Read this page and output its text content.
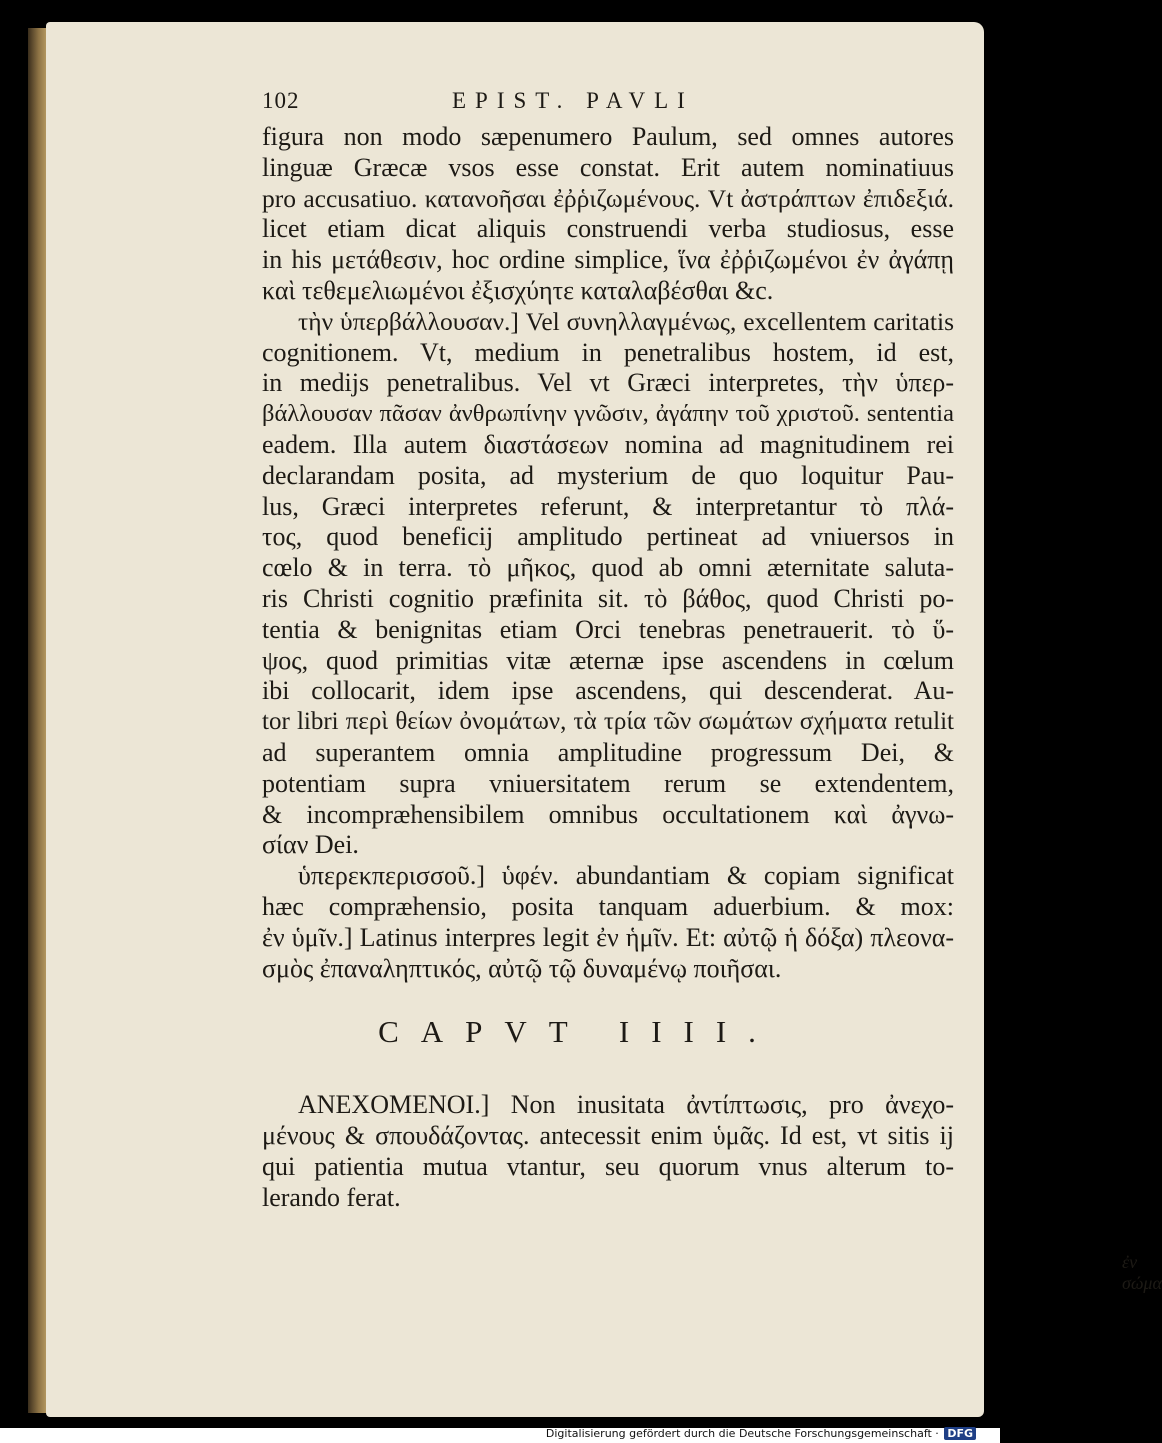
102	EPIST. PAVLI
figura non modo sæpenumero Paulum, sed omnes autores
linguæ Græcæ vsos esse constat. Erit autem nominatiuus
pro accusatiuo. κατανοῆσαι ἐῤῥιζωμένους. Vt ἀστράπτων ἐπιδεξιά.
licet etiam dicat aliquis construendi verba studiosus, esse
in his μετάθεσιν, hoc ordine simplice, ἵνα ἐῤῥιζωμένοι ἐν ἀγάπῃ
καὶ τεθεμελιωμένοι ἐξισχύητε καταλαβέσθαι &c.
τὴν ὑπερβάλλουσαν.] Vel συνηλλαγμένως, excellentem caritatis
cognitionem. Vt, medium in penetralibus hostem, id est,
in medijs penetralibus. Vel vt Græci interpretes, τὴν ὑπερ-
βάλλουσαν πᾶσαν ἀνθρωπίνην γνῶσιν, ἀγάπην τοῦ χριστοῦ. sententia
eadem. Illa autem διαστάσεων nomina ad magnitudinem rei
declarandam posita, ad mysterium de quo loquitur Pau-
lus, Græci interpretes referunt, & interpretantur τὸ πλά-
τος, quod beneficij amplitudo pertineat ad vniuersos in
cœlo & in terra. τὸ μῆκος, quod ab omni æternitate saluta-
ris Christi cognitio præfinita sit. τὸ βάθος, quod Christi po-
tentia & benignitas etiam Orci tenebras penetrauerit. τὸ ὕ-
ψος, quod primitias vitæ æternæ ipse ascendens in cœlum
ibi collocarit, idem ipse ascendens, qui descenderat. Au-
tor libri περὶ θείων ὀνομάτων, τὰ τρία τῶν σωμάτων σχήματα retulit
ad superantem omnia amplitudine progressum Dei, &
potentiam supra vniuersitatem rerum se extendentem,
& incompræhensibilem omnibus occultationem καὶ ἀγνω-
σίαν Dei.
ὑπερεκπερισσοῦ.] ὑφέν. abundantiam & copiam significat
hæc compræhensio, posita tanquam aduerbium. & mox:
ἐν ὑμῖν.] Latinus interpres legit ἐν ἡμῖν. Et: αὐτῷ ἡ δόξα) πλεονα-
σμὸς ἐπαναληπτικός, αὐτῷ τῷ δυναμένῳ ποιῆσαι.
CAPVT IIII.
ANEXOMENOI.] Non inusitata ἀντίπτωσις, pro ἀνεχο-
μένους & σπουδάζοντας. antecessit enim ὑμᾶς. Id est, vt sitis ij
qui patientia mutua vtantur, seu quorum vnus alterum to-
lerando ferat.
ἐν σώμα
Digitalisierung gefördert durch die Deutsche Forschungsgemeinschaft · DFG
